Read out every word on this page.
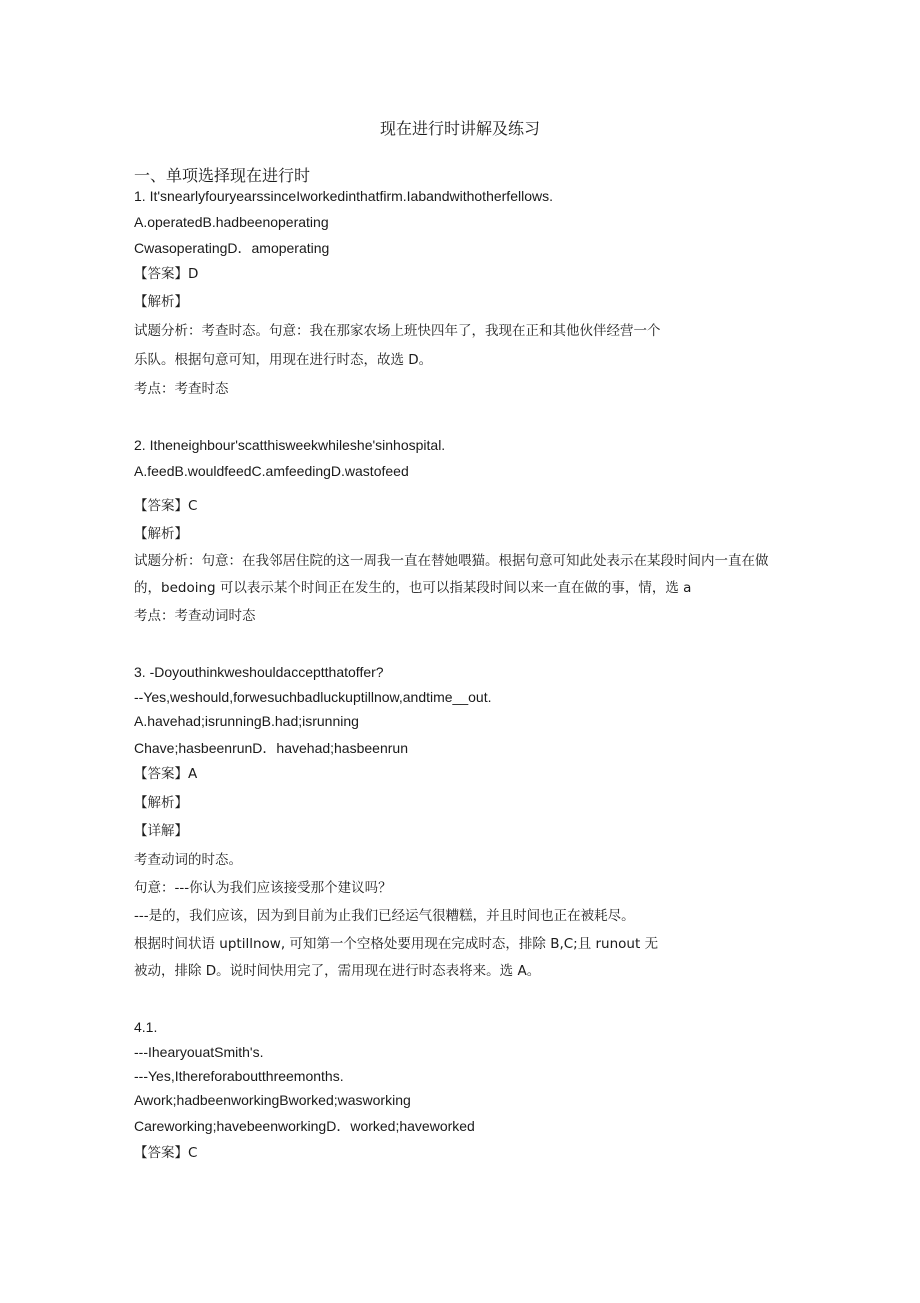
现在进行时讲解及练习
一、单项选择现在进行时
1. It'snearlyfouryearssinceIworkedinthatfirm.Iabandwithotherfellows.
A.operatedB.hadbeenoperating
CwasoperatingD．amoperating
【答案】D
【解析】
试题分析：考查时态。句意：我在那家农场上班快四年了，我现在正和其他伙伴经营一个
乐队。根据句意可知，用现在进行时态，故选 D。
考点：考查时态
2. Itheneighbour'scatthisweekwhileshe'sinhospital.
A.feedB.wouldfeedC.amfeedingD.wastofeed
【答案】C
【解析】
试题分析：句意：在我邻居住院的这一周我一直在替她喂猫。根据句意可知此处表示在某段时间内一直在做
的，bedoing 可以表示某个时间正在发生的，也可以指某段时间以来一直在做的事，情，选 a
考点：考查动词时态
3. -Doyouthinkweshouldacceptthatoffer?
--Yes,weshould,forwesuchbadluckuptillnow,andtime__out.
A.havehad;isrunningB.had;isrunning
Chave;hasbeenrunD．havehad;hasbeenrun
【答案】A
【解析】
【详解】
考查动词的时态。
句意：---你认为我们应该接受那个建议吗？
---是的，我们应该，因为到目前为止我们已经运气很糟糕，并且时间也正在被耗尽。
根据时间状语 uptillnow, 可知第一个空格处要用现在完成时态，排除 B,C;且 runout 无
被动，排除 D。说时间快用完了，需用现在进行时态表将来。选 A。
4.1.
---IhearyouatSmith's.
---Yes,Ithereforaboutthreemonths.
Awork;hadbeenworkingBworked;wasworking
Careworking;havebeenworkingD．worked;haveworked
【答案】C
